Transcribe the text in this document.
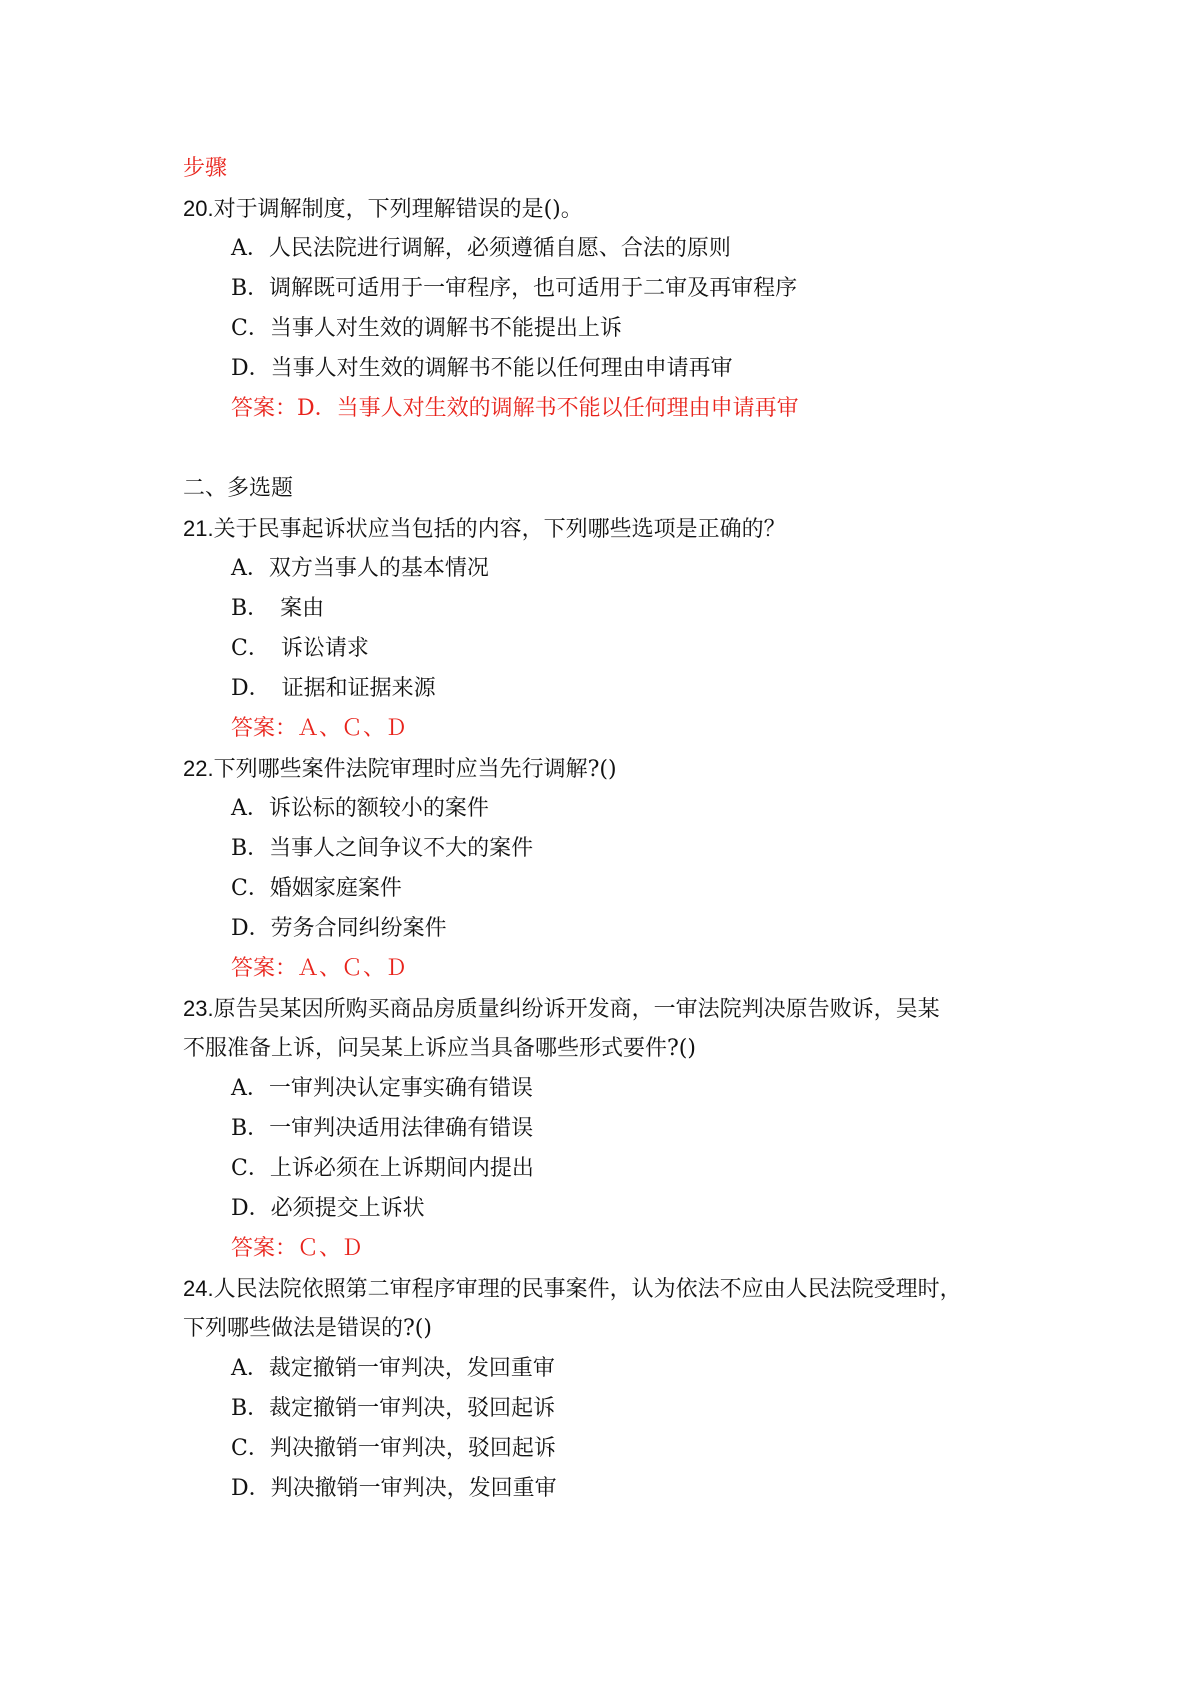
步骤
20.对于调解制度，下列理解错误的是()。
A．人民法院进行调解，必须遵循自愿、合法的原则
B．调解既可适用于一审程序，也可适用于二审及再审程序
C．当事人对生效的调解书不能提出上诉
D．当事人对生效的调解书不能以任何理由申请再审
答案：D．当事人对生效的调解书不能以任何理由申请再审
二、多选题
21.关于民事起诉状应当包括的内容，下列哪些选项是正确的？
A．双方当事人的基本情况
B．　案由
C．　诉讼请求
D．　证据和证据来源
答案：Ａ、Ｃ、Ｄ
22.下列哪些案件法院审理时应当先行调解?()
A．诉讼标的额较小的案件
B．当事人之间争议不大的案件
C．婚姻家庭案件
D．劳务合同纠纷案件
答案：Ａ、Ｃ、Ｄ
23.原告吴某因所购买商品房质量纠纷诉开发商，一审法院判决原告败诉，吴某
不服准备上诉，问吴某上诉应当具备哪些形式要件?()
A．一审判决认定事实确有错误
B．一审判决适用法律确有错误
C．上诉必须在上诉期间内提出
D．必须提交上诉状
答案：Ｃ、Ｄ
24.人民法院依照第二审程序审理的民事案件，认为依法不应由人民法院受理时，
下列哪些做法是错误的?()
A．裁定撤销一审判决，发回重审
B．裁定撤销一审判决，驳回起诉
C．判决撤销一审判决，驳回起诉
D．判决撤销一审判决，发回重审
